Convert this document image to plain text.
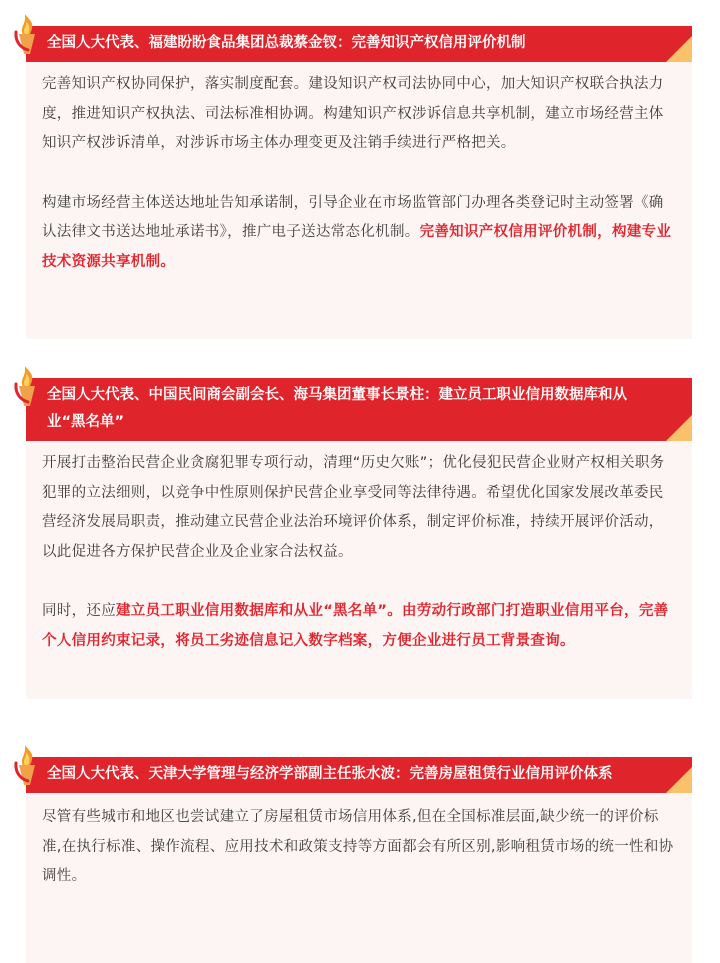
全国人大代表、福建盼盼食品集团总裁蔡金钗：完善知识产权信用评价机制

完善知识产权协同保护，落实制度配套。建设知识产权司法协同中心，加大知识产权联合执法力度，推进知识产权执法、司法标准相协调。构建知识产权涉诉信息共享机制，建立市场经营主体知识产权涉诉清单，对涉诉市场主体办理变更及注销手续进行严格把关。

构建市场经营主体送达地址告知承诺制，引导企业在市场监管部门办理各类登记时主动签署《确认法律文书送达地址承诺书》，推广电子送达常态化机制。完善知识产权信用评价机制，构建专业技术资源共享机制。

全国人大代表、中国民间商会副会长、海马集团董事长景柱：建立员工职业信用数据库和从业“黑名单”

开展打击整治民营企业贪腐犯罪专项行动，清理“历史欠账”；优化侵犯民营企业财产权相关职务犯罪的立法细则，以竞争中性原则保护民营企业享受同等法律待遇。希望优化国家发展改革委民营经济发展局职责，推动建立民营企业法治环境评价体系，制定评价标准，持续开展评价活动，以此促进各方保护民营企业及企业家合法权益。

同时，还应建立员工职业信用数据库和从业“黑名单”。由劳动行政部门打造职业信用平台，完善个人信用约束记录，将员工劣迹信息记入数字档案，方便企业进行员工背景查询。

全国人大代表、天津大学管理与经济学部副主任张水波：完善房屋租赁行业信用评价体系

尽管有些城市和地区也尝试建立了房屋租赁市场信用体系,但在全国标准层面,缺少统一的评价标准,在执行标准、操作流程、应用技术和政策支持等方面都会有所区别,影响租赁市场的统一性和协调性。
